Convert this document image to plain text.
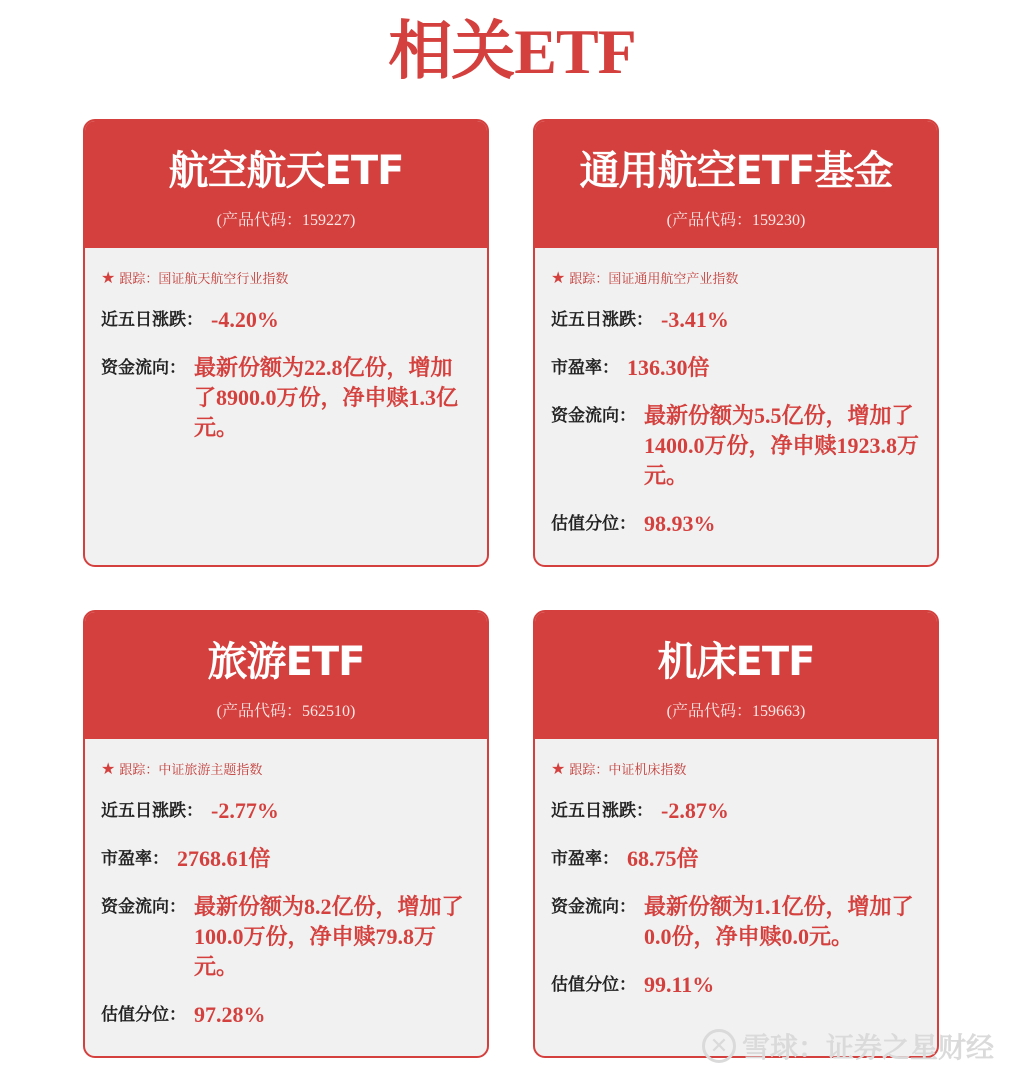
相关ETF
航空航天ETF
(产品代码：159227)
★ 跟踪：国证航天航空行业指数
近五日涨跌： -4.20%
资金流向： 最新份额为22.8亿份，增加了8900.0万份，净申赎1.3亿元。
通用航空ETF基金
(产品代码：159230)
★ 跟踪：国证通用航空产业指数
近五日涨跌： -3.41%
市盈率： 136.30倍
资金流向： 最新份额为5.5亿份，增加了1400.0万份，净申赎1923.8万元。
估值分位： 98.93%
旅游ETF
(产品代码：562510)
★ 跟踪：中证旅游主题指数
近五日涨跌： -2.77%
市盈率： 2768.61倍
资金流向： 最新份额为8.2亿份，增加了100.0万份，净申赎79.8万元。
估值分位： 97.28%
机床ETF
(产品代码：159663)
★ 跟踪：中证机床指数
近五日涨跌： -2.87%
市盈率： 68.75倍
资金流向： 最新份额为1.1亿份，增加了0.0份，净申赎0.0元。
估值分位： 99.11%
✕ 雪球：证券之星财经
